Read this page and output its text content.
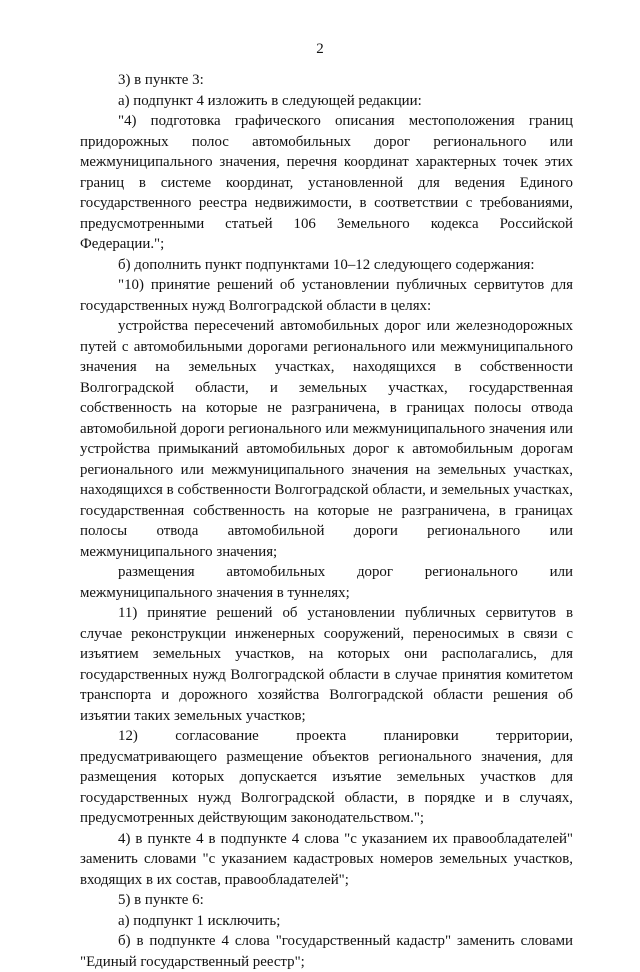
2

3) в пункте 3:

а) подпункт 4 изложить в следующей редакции:

"4) подготовка графического описания местоположения границ придорожных полос автомобильных дорог регионального или межмуниципального значения, перечня координат характерных точек этих границ в системе координат, установленной для ведения Единого государственного реестра недвижимости, в соответствии с требованиями, предусмотренными статьей 106 Земельного кодекса Российской Федерации.";

б) дополнить пункт подпунктами 10–12 следующего содержания:

"10) принятие решений об установлении публичных сервитутов для государственных нужд Волгоградской области в целях:

устройства пересечений автомобильных дорог или железнодорожных путей с автомобильными дорогами регионального или межмуниципального значения на земельных участках, находящихся в собственности Волгоградской области, и земельных участках, государственная собственность на которые не разграничена, в границах полосы отвода автомобильной дороги регионального или межмуниципального значения или устройства примыканий автомобильных дорог к автомобильным дорогам регионального или межмуниципального значения на земельных участках, находящихся в собственности Волгоградской области, и земельных участках, государственная собственность на которые не разграничена, в границах полосы отвода автомобильной дороги регионального или межмуниципального значения;

размещения автомобильных дорог регионального или межмуниципального значения в туннелях;

11) принятие решений об установлении публичных сервитутов в случае реконструкции инженерных сооружений, переносимых в связи с изъятием земельных участков, на которых они располагались, для государственных нужд Волгоградской области в случае принятия комитетом транспорта и дорожного хозяйства Волгоградской области решения об изъятии таких земельных участков;

12) согласование проекта планировки территории, предусматривающего размещение объектов регионального значения, для размещения которых допускается изъятие земельных участков для государственных нужд Волгоградской области, в порядке и в случаях, предусмотренных действующим законодательством.";

4) в пункте 4 в подпункте 4 слова "с указанием их правообладателей" заменить словами "с указанием кадастровых номеров земельных участков, входящих в их состав, правообладателей";

5) в пункте 6:

а) подпункт 1 исключить;

б) в подпункте 4 слова "государственный кадастр" заменить словами "Единый государственный реестр";
